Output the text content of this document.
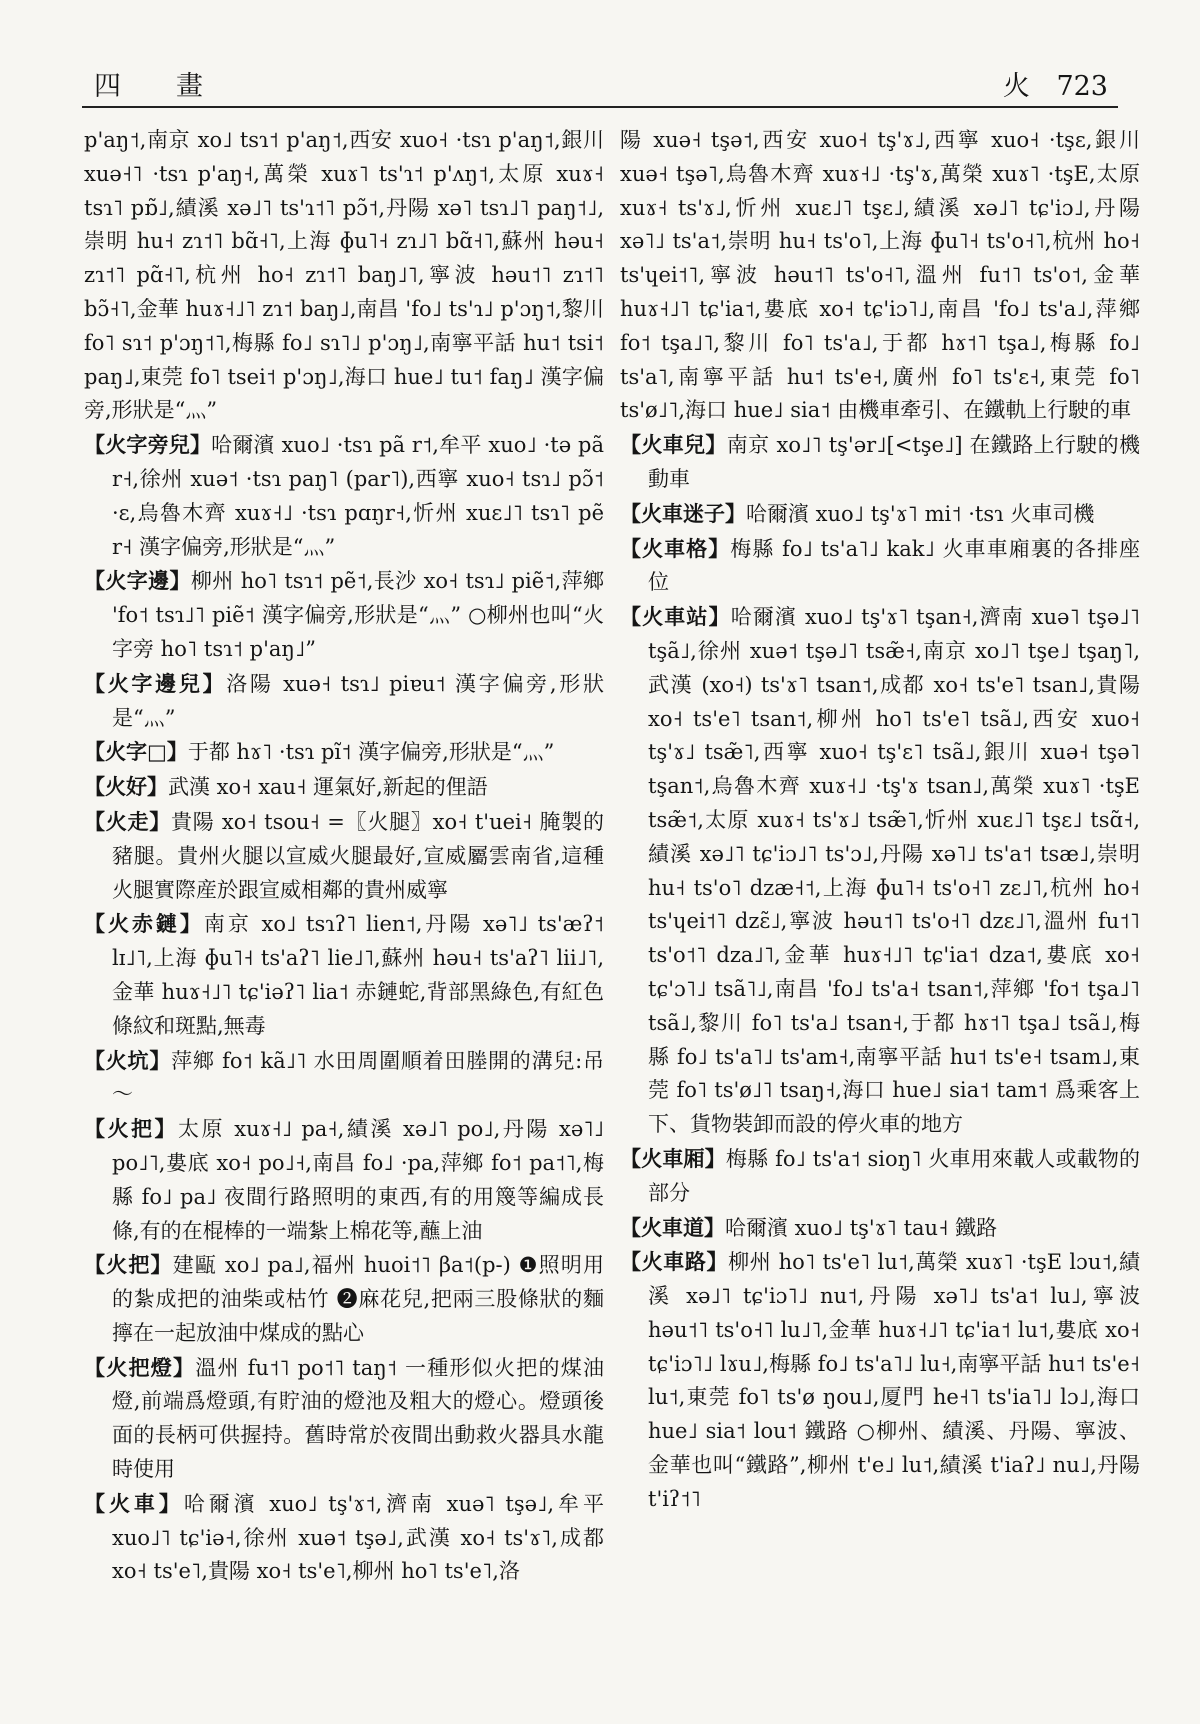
四　畫	火 723

p'aŋ˦,南京 xo˩ tsɿ˦ p'aŋ˦,西安 xuo˧ ·tsɿ p'aŋ˦,銀川 xuə˧˥ ·tsɿ p'aŋ˧,萬榮 xuɤ˥ ts'ɿ˦ p'ʌŋ˦,太原 xuɤ˧ tsɿ˥ pɒ̃˩,績溪 xə˩˥ ts'ɿ˦˥ pɔ̃˦,丹陽 xə˥ tsɿ˩˥ paŋ˦˩,崇明 hu˧ zɿ˦˥ bɑ̃˧˥,上海 ɸu˥˧ zɿ˩˥ bɑ̃˧˥,蘇州 həu˧ zɿ˦˥ pɑ̃˧˥,杭州 ho˧ zɿ˦˥ baŋ˩˥,寧波 həu˦˥ zɿ˦˥ bɔ̃˧˥,金華 huɤ˧˩˥ zɿ˦ baŋ˩,南昌 'fo˩ ts'ɿ˩ p'ɔŋ˦,黎川 fo˥ sɿ˦ p'ɔŋ˦˥,梅縣 fo˩ sɿ˥˩ p'ɔŋ˩,南寧平話 hu˦ tsi˦ paŋ˩,東莞 fo˥ tsei˦ p'ɔŋ˩,海口 hue˩ tu˦ faŋ˩ 漢字偏旁,形狀是“灬”

【火字旁兒】哈爾濱 xuo˩ ·tsɿ pã r˦,牟平 xuo˩ ·tə pã r˧,徐州 xuə˦ ·tsɿ paŋ˥ (par˥),西寧 xuo˧ tsɿ˩ pɔ̃˦ ·ɛ,烏魯木齊 xuɤ˧˩ ·tsɿ pɑŋr˧,忻州 xuɛ˩˥ tsɿ˥ pẽ r˧ 漢字偏旁,形狀是“灬”

【火字邊】柳州 ho˥ tsɿ˦ pẽ˦,長沙 xo˧ tsɿ˩ piẽ˦,萍鄉 'fo˦ tsɿ˩˥ piẽ˦ 漢字偏旁,形狀是“灬” ○柳州也叫“火字旁 ho˥ tsɿ˦ p'aŋ˩”

【火字邊兒】洛陽 xuə˧ tsɿ˩ piɐu˦ 漢字偏旁,形狀是“灬”

【火字□】于都 hɤ˥ ·tsɿ pĩ˦ 漢字偏旁,形狀是“灬”

【火好】武漢 xo˧ xau˧ 運氣好,新起的俚語

【火走】貴陽 xo˧ tsou˧ =〖火腿〗xo˧ t'uei˧ 腌製的豬腿。貴州火腿以宣威火腿最好,宣威屬雲南省,這種火腿實際産於跟宣威相鄰的貴州威寧

【火赤鏈】南京 xo˩ tsɿʔ˥ lien˦,丹陽 xə˥˩ ts'æʔ˦ lɪ˩˥,上海 ɸu˥˧ ts'aʔ˥ lie˩˥,蘇州 həu˧ ts'aʔ˥ lii˩˥,金華 huɤ˧˩˥ tɕ'iəʔ˥ lia˦ 赤鏈蛇,背部黑綠色,有紅色條紋和斑點,無毒

【火坑】萍鄉 fo˦ kã˩˥ 水田周圍順着田塍開的溝兒:吊～

【火把】太原 xuɤ˧˩ pa˧,績溪 xə˩˥ po˩,丹陽 xə˥˩ po˩˥,婁底 xo˧ po˩˧,南昌 fo˩ ·pa,萍鄉 fo˦ pa˦˥,梅縣 fo˩ pa˩ 夜間行路照明的東西,有的用篾等編成長條,有的在棍棒的一端紮上棉花等,蘸上油

【火把】建甌 xo˩ pa˩,福州 huoi˦˥ βa˦(p-) ❶照明用的紮成把的油柴或枯竹 ❷麻花兒,把兩三股條狀的麵擰在一起放油中煤成的點心

【火把燈】溫州 fu˦˥ po˦˥ taŋ˦ 一種形似火把的煤油燈,前端爲燈頭,有貯油的燈池及粗大的燈心。燈頭後面的長柄可供握持。舊時常於夜間出動救火器具水龍時使用

【火車】哈爾濱 xuo˩ tş'ɤ˦,濟南 xuə˥ tşə˩,牟平 xuo˩˥ tɕ'iə˧,徐州 xuə˦ tşə˩,武漢 xo˧ ts'ɤ˥,成都 xo˧ ts'e˥,貴陽 xo˧ ts'e˥,柳州 ho˥ ts'e˥,洛

陽 xuə˧ tşə˦,西安 xuo˧ tş'ɤ˩,西寧 xuo˧ ·tşɛ,銀川 xuə˧ tşə˥,烏魯木齊 xuɤ˧˩ ·tş'ɤ,萬榮 xuɤ˥ ·tşE,太原 xuɤ˧ ts'ɤ˩,忻州 xuɛ˩˥ tşɛ˩,績溪 xə˩˥ tɕ'iɔ˩,丹陽 xə˥˩ ts'a˦,崇明 hu˧ ts'o˥,上海 ɸu˥˧ ts'o˧˥,杭州 ho˧ ts'ɥei˦˥,寧波 həu˦˥ ts'o˧˥,溫州 fu˦˥ ts'o˦,金華 huɤ˧˩˥ tɕ'ia˦,婁底 xo˧ tɕ'iɔ˥˩,南昌 'fo˩ ts'a˩,萍鄉 fo˦ tşa˩˥,黎川 fo˥ ts'a˩,于都 hɤ˦˥ tşa˩,梅縣 fo˩ ts'a˥,南寧平話 hu˦ ts'e˧,廣州 fo˥ ts'ɛ˧,東莞 fo˥ ts'ø˩˥,海口 hue˩ sia˦ 由機車牽引、在鐵軌上行駛的車

【火車兒】南京 xo˩˥ tş'ər˩[<tşe˩] 在鐵路上行駛的機動車

【火車迷子】哈爾濱 xuo˩ tş'ɤ˥ mi˦ ·tsɿ 火車司機

【火車格】梅縣 fo˩ ts'a˥˩ kak˩ 火車車廂裏的各排座位

【火車站】哈爾濱 xuo˩ tş'ɤ˥ tşan˧,濟南 xuə˥ tşə˩˥ tşã˩,徐州 xuə˦ tşə˩˥ tsæ̃˧,南京 xo˩˥ tşe˩ tşaŋ˥,武漢 (xo˧) ts'ɤ˥ tsan˦,成都 xo˧ ts'e˥ tsan˩,貴陽 xo˧ ts'e˥ tsan˦,柳州 ho˥ ts'e˥ tsã˩,西安 xuo˧ tş'ɤ˩ tsæ̃˥,西寧 xuo˧ tş'ɛ˥ tsã˩,銀川 xuə˧ tşə˥ tşan˦,烏魯木齊 xuɤ˧˩ ·tş'ɤ tsan˩,萬榮 xuɤ˥ ·tşE tsæ̃˦,太原 xuɤ˧ ts'ɤ˩ tsæ̃˥,忻州 xuɛ˩˥ tşɛ˩ tsɑ̃˧,績溪 xə˩˥ tɕ'iɔ˩˥ ts'ɔ˩,丹陽 xə˥˩ ts'a˦ tsæ˩,崇明 hu˧ ts'o˥ dzæ˧˦,上海 ɸu˥˧ ts'o˧˥ zɛ˩˥,杭州 ho˧ ts'ɥei˦˥ dzɛ̃˩,寧波 həu˦˥ ts'o˧˥ dzɛ˩˥,溫州 fu˦˥ ts'o˦˥ dza˩˥,金華 huɤ˧˩˥ tɕ'ia˦ dza˦,婁底 xo˧ tɕ'ɔ˥˩ tsã˥˩,南昌 'fo˩ ts'a˧ tsan˦,萍鄉 'fo˦ tşa˩˥ tsã˩,黎川 fo˥ ts'a˩ tsan˧,于都 hɤ˦˥ tşa˩ tsã˩,梅縣 fo˩ ts'a˥˩ ts'am˧,南寧平話 hu˦ ts'e˧ tsam˩,東莞 fo˥ ts'ø˩˥ tsaŋ˧,海口 hue˩ sia˦ tam˦ 爲乘客上下、貨物裝卸而設的停火車的地方

【火車厢】梅縣 fo˩ ts'a˦ sioŋ˥ 火車用來載人或載物的部分

【火車道】哈爾濱 xuo˩ tş'ɤ˥ tau˧ 鐵路

【火車路】柳州 ho˥ ts'e˥ lu˦,萬榮 xuɤ˥ ·tşE lɔu˦,績溪 xə˩˥ tɕ'iɔ˥˩ nu˦,丹陽 xə˥˩ ts'a˦ lu˩,寧波 həu˦˥ ts'o˧˥ lu˩˥,金華 huɤ˧˩˥ tɕ'ia˦ lu˦,婁底 xo˧ tɕ'iɔ˥˩ lɤu˩,梅縣 fo˩ ts'a˥˩ lu˧,南寧平話 hu˦ ts'e˧ lu˦,東莞 fo˥ ts'ø ŋou˩,厦門 he˧˥ ts'ia˥˩ lɔ˩,海口 hue˩ sia˦ lou˦ 鐵路 ○柳州、績溪、丹陽、寧波、金華也叫“鐵路”,柳州 t'e˩ lu˦,績溪 t'iaʔ˩ nu˩,丹陽 t'iʔ˦˥
